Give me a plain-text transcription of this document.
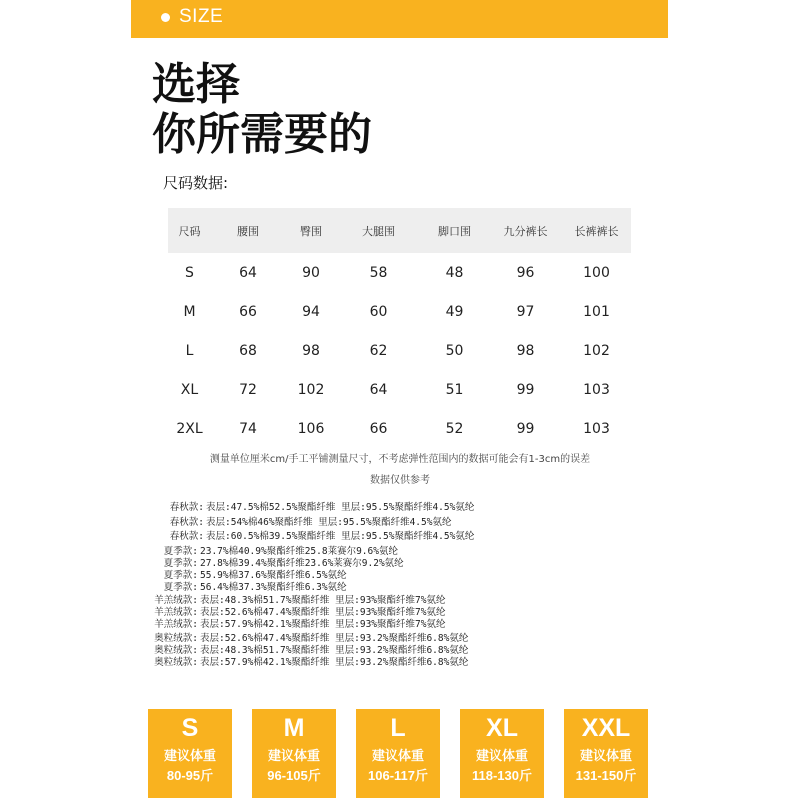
SIZE
选择
你所需要的
尺码数据:
尺码	腰围	臀围	大腿围	脚口围	九分裤长	长裤裤长
S	64	90	58	48	96	100
M	66	94	60	49	97	101
L	68	98	62	50	98	102
XL	72	102	64	51	99	103
2XL	74	106	66	52	99	103
测量单位厘米cm/手工平铺测量尺寸，不考虑弹性范围内的数据可能会有1-3cm的误差
数据仅供参考
春秋款: 表层:47.5%棉52.5%聚酯纤维 里层:95.5%聚酯纤维4.5%氨纶
春秋款: 表层:54%棉46%聚酯纤维 里层:95.5%聚酯纤维4.5%氨纶
春秋款: 表层:60.5%棉39.5%聚酯纤维 里层:95.5%聚酯纤维4.5%氨纶
夏季款: 23.7%棉40.9%聚酯纤维25.8莱赛尔9.6%氨纶
夏季款: 27.8%棉39.4%聚酯纤维23.6%莱赛尔9.2%氨纶
夏季款: 55.9%棉37.6%聚酯纤维6.5%氨纶
夏季款: 56.4%棉37.3%聚酯纤维6.3%氨纶
羊羔绒款: 表层:48.3%棉51.7%聚酯纤维 里层:93%聚酯纤维7%氨纶
羊羔绒款: 表层:52.6%棉47.4%聚酯纤维 里层:93%聚酯纤维7%氨纶
羊羔绒款: 表层:57.9%棉42.1%聚酯纤维 里层:93%聚酯纤维7%氨纶
奥粒绒款: 表层:52.6%棉47.4%聚酯纤维 里层:93.2%聚酯纤维6.8%氨纶
奥粒绒款: 表层:48.3%棉51.7%聚酯纤维 里层:93.2%聚酯纤维6.8%氨纶
奥粒绒款: 表层:57.9%棉42.1%聚酯纤维 里层:93.2%聚酯纤维6.8%氨纶
S
建议体重
80-95斤
M
建议体重
96-105斤
L
建议体重
106-117斤
XL
建议体重
118-130斤
XXL
建议体重
131-150斤
